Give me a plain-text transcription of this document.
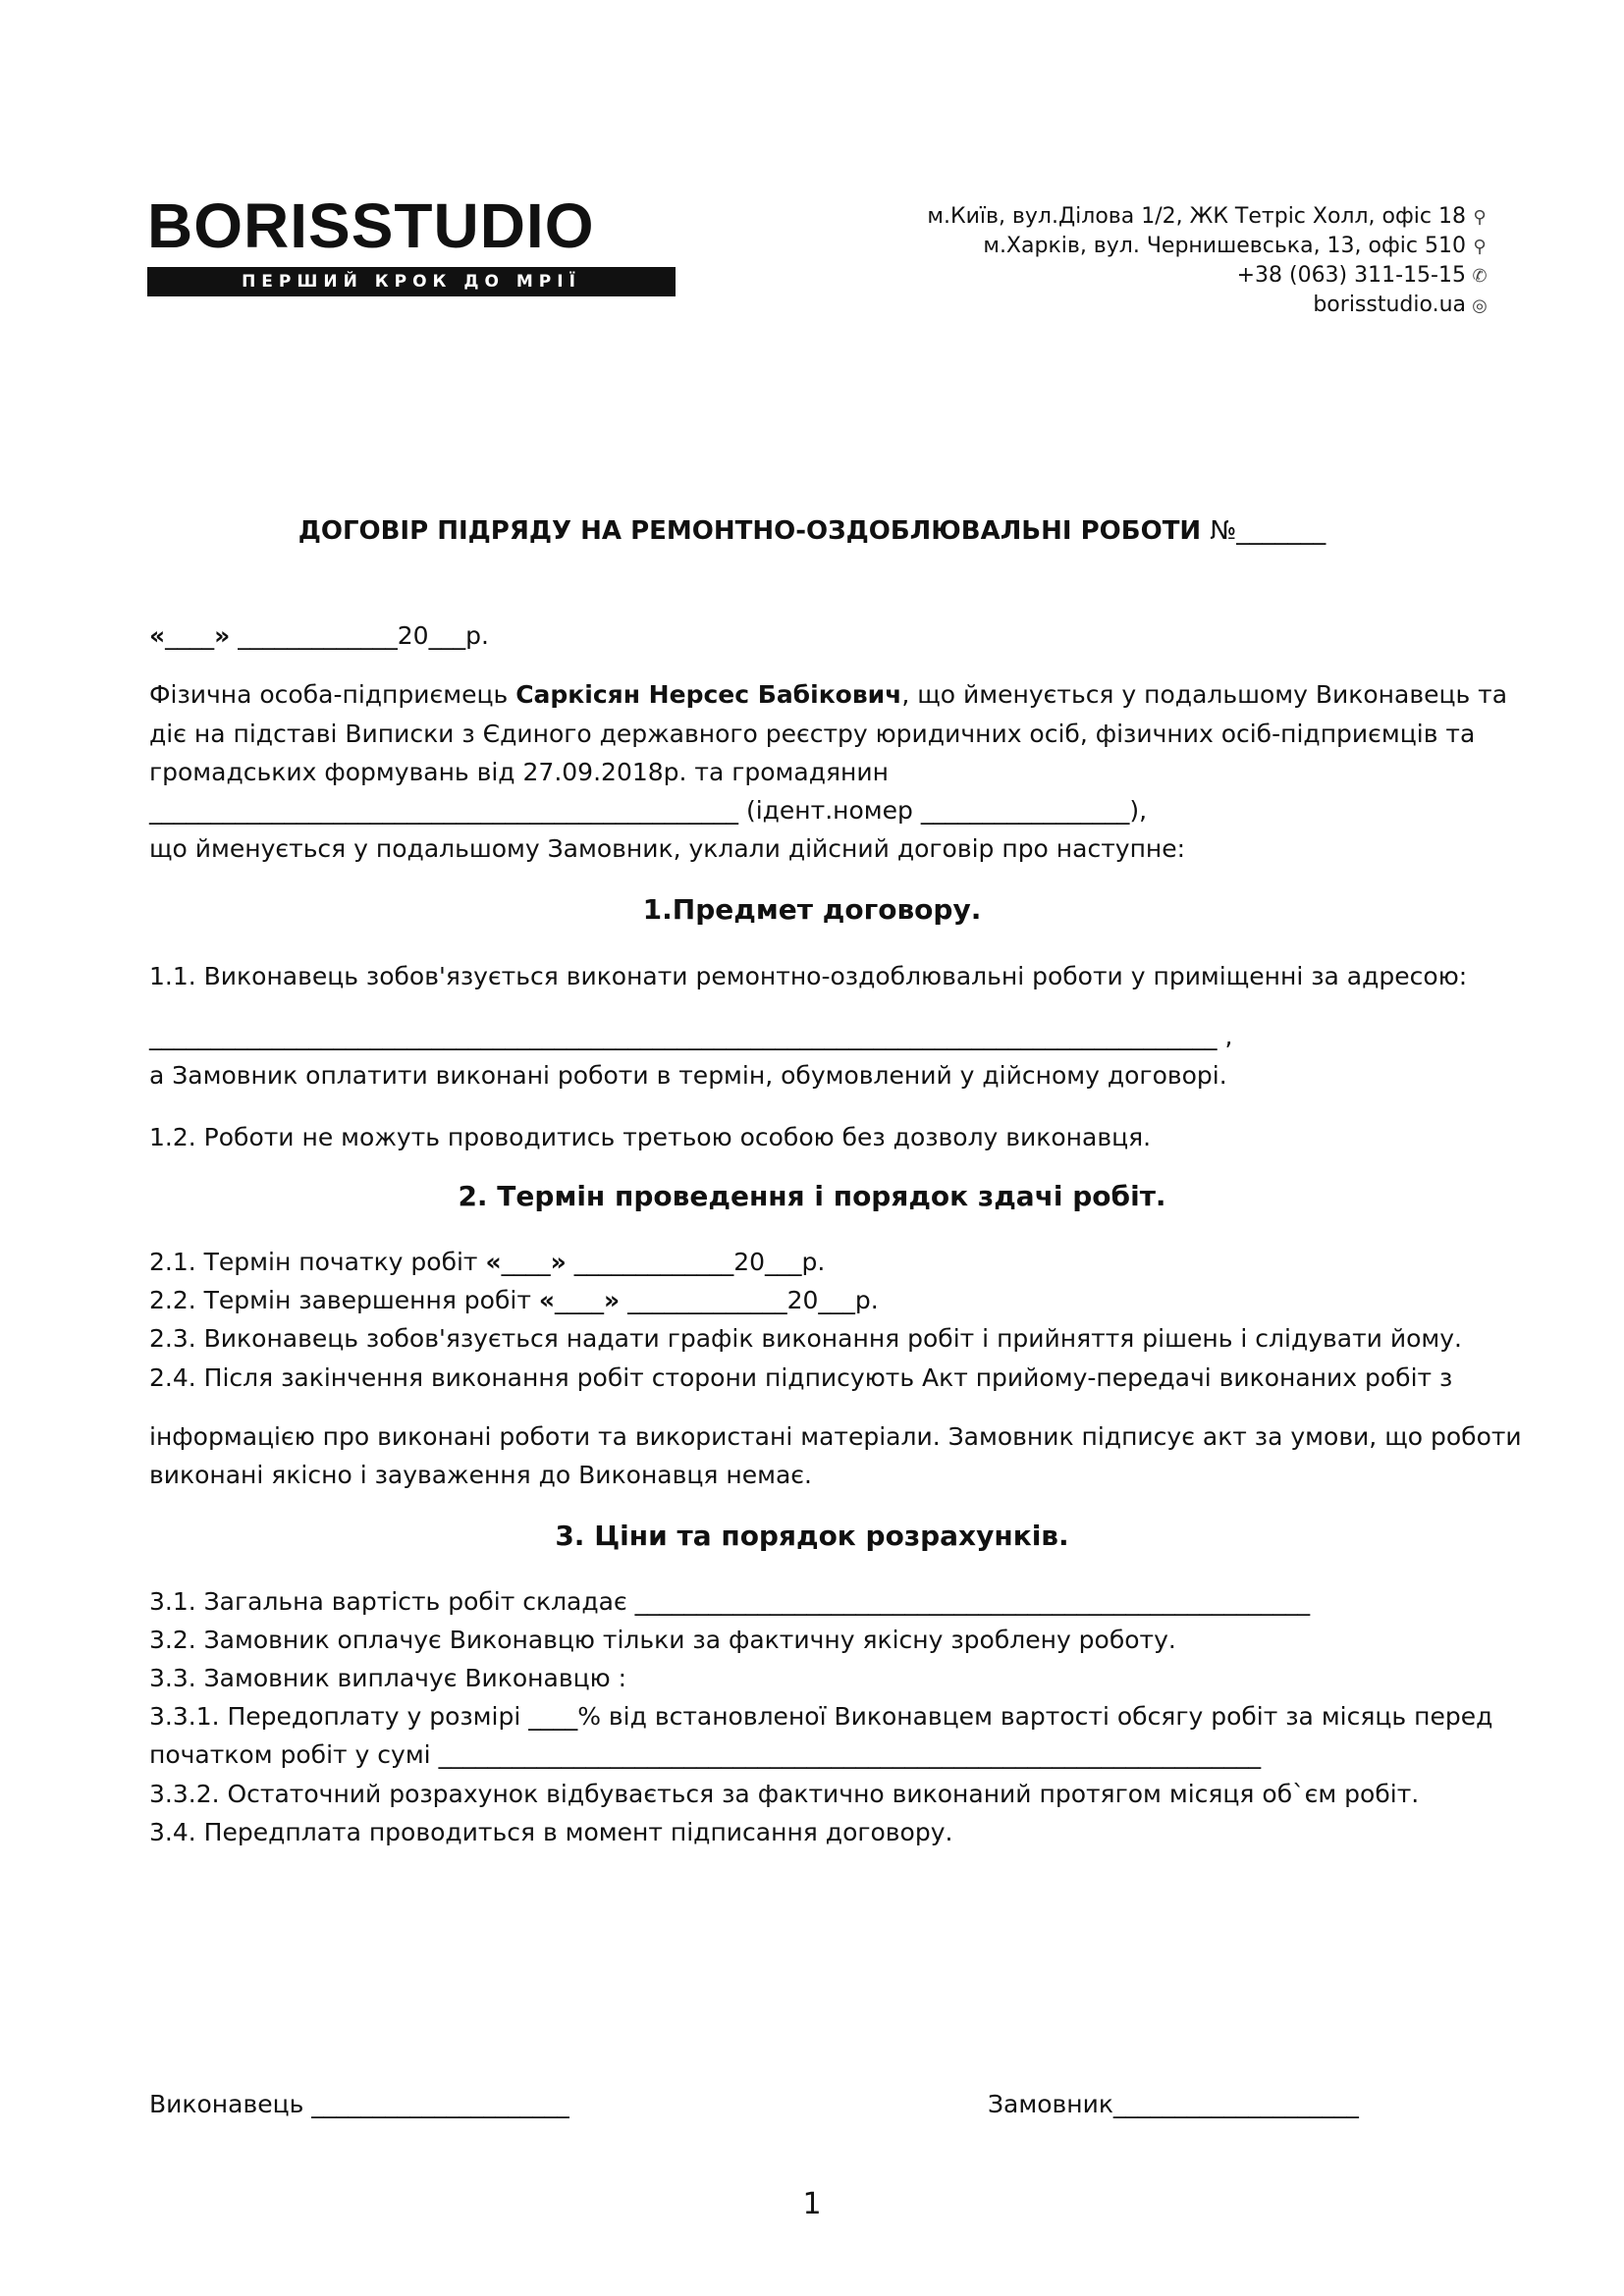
BORISSTUDIO
ПЕРШИЙ КРОК ДО МРІЇ
м.Київ, вул.Ділова 1/2, ЖК Тетріс Холл, офіс 18 ⚲
м.Харків, вул. Чернишевська, 13, офіс 510 ⚲
+38 (063) 311-15-15 ✆
borisstudio.ua ◎
ДОГОВІР ПІДРЯДУ НА РЕМОНТНО-ОЗДОБЛЮВАЛЬНІ РОБОТИ №_______
«____» _____________20___р.
Фізична особа-підприємець Саркісян Нерсес Бабікович, що йменується у подальшому Виконавець та
діє на підставі Виписки з Єдиного державного реєстру юридичних осіб, фізичних осіб-підприємців та
громадських формувань від 27.09.2018р. та громадянин
________________________________________________ (ідент.номер _________________),
що йменується у подальшому Замовник, уклали дійсний договір про наступне:
1.Предмет договору.
1.1. Виконавець зобов'язується виконати ремонтно-оздоблювальні роботи у приміщенні за адресою:
_______________________________________________________________________________________ ,
а Замовник оплатити виконані роботи в термін, обумовлений у дійсному договорі.
1.2. Роботи не можуть проводитись третьою особою без дозволу виконавця.
2. Термін проведення і порядок здачі робіт.
2.1. Термін початку робіт «____» _____________20___р.
2.2. Термін завершення робіт «____» _____________20___р.
2.3. Виконавець зобов'язується надати графік виконання робіт і прийняття рішень і слідувати йому.
2.4. Після закінчення виконання робіт сторони підписують Акт прийому-передачі виконаних робіт з
інформацією про виконані роботи та використані матеріали. Замовник підписує акт за умови, що роботи
виконані якісно і зауваження до Виконавця немає.
3. Ціни та порядок розрахунків.
3.1. Загальна вартість робіт складає _______________________________________________________
3.2. Замовник оплачує Виконавцю тільки за фактичну якісну зроблену роботу.
3.3. Замовник виплачує Виконавцю :
3.3.1. Передоплату у розмірі ____% від встановленої Виконавцем вартості обсягу робіт за місяць перед
початком робіт у сумі ___________________________________________________________________
3.3.2. Остаточний розрахунок відбувається за фактично виконаний протягом місяця об`єм робіт.
3.4. Передплата проводиться в момент підписання договору.
Виконавець _____________________	Замовник____________________
1
